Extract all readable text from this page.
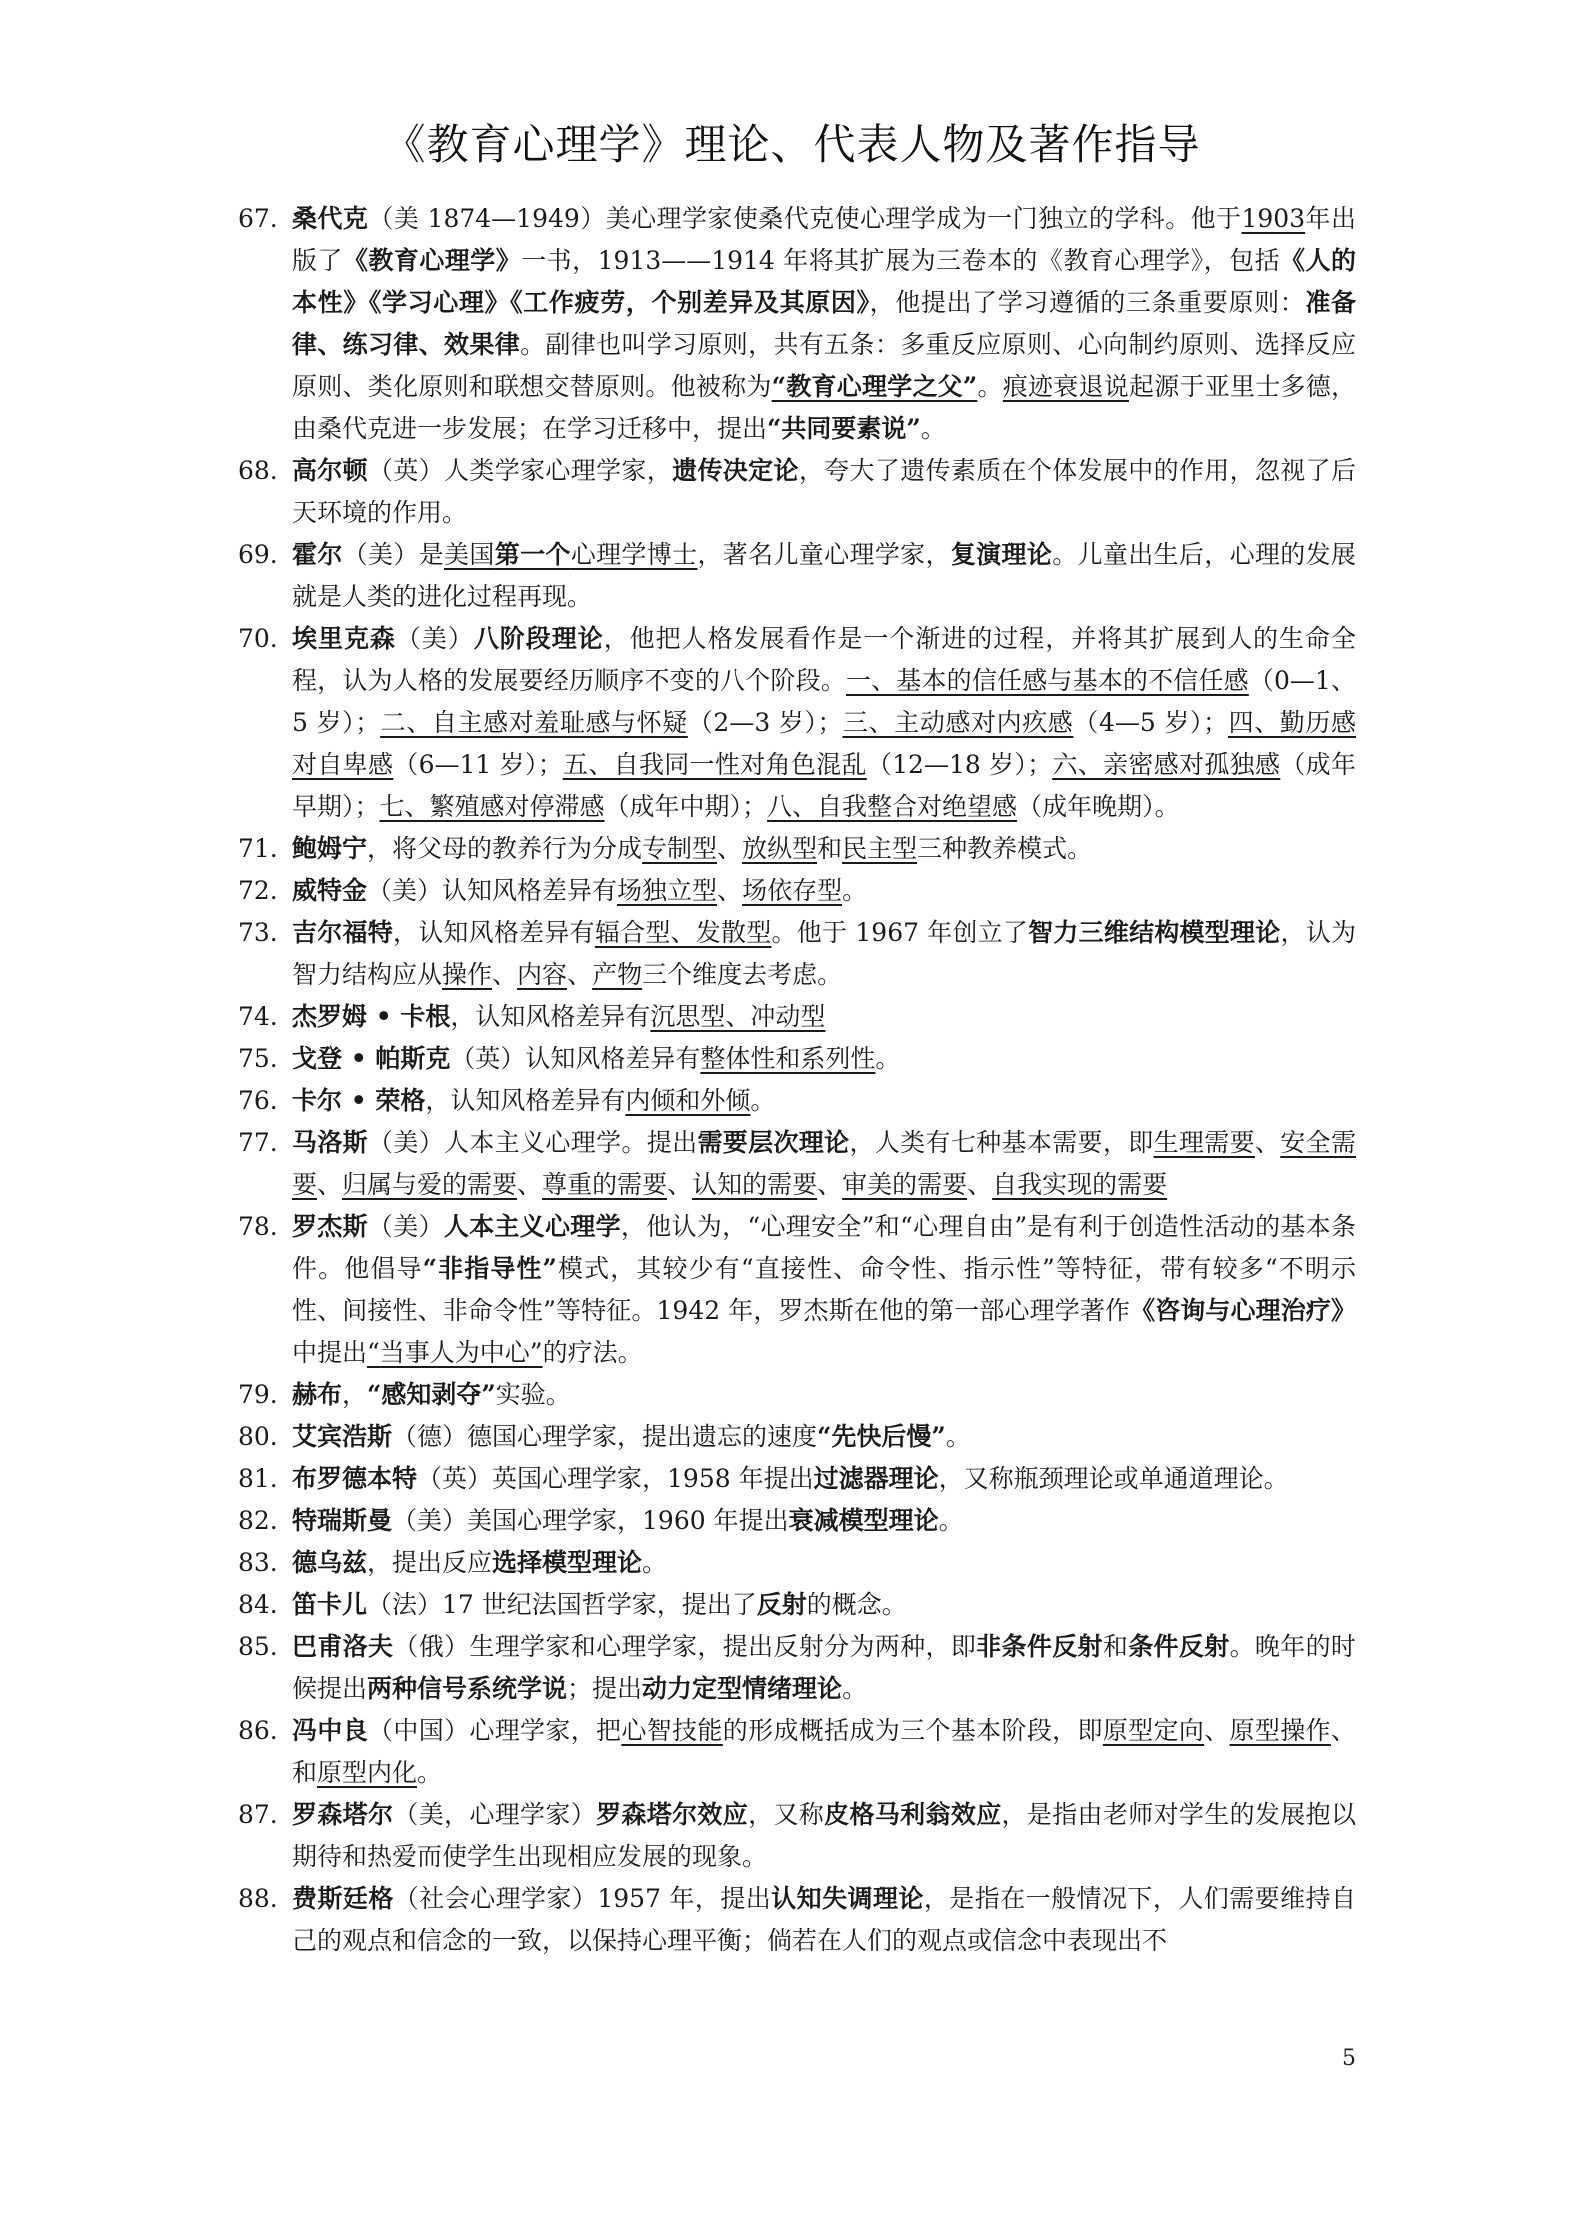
《教育心理学》理论、代表人物及著作指导
67. 桑代克（美 1874—1949）美心理学家使桑代克使心理学成为一门独立的学科。他于1903年出版了《教育心理学》一书，1913——1914 年将其扩展为三卷本的《教育心理学》，包括《人的本性》《学习心理》《工作疲劳，个别差异及其原因》，他提出了学习遵循的三条重要原则：准备律、练习律、效果律。副律也叫学习原则，共有五条：多重反应原则、心向制约原则、选择反应原则、类化原则和联想交替原则。他被称为“教育心理学之父”。痕迹衰退说起源于亚里士多德，由桑代克进一步发展；在学习迁移中，提出“共同要素说”。
68. 高尔顿（英）人类学家心理学家，遗传决定论，夸大了遗传素质在个体发展中的作用，忽视了后天环境的作用。
69. 霍尔（美）是美国第一个心理学博士，著名儿童心理学家，复演理论。儿童出生后，心理的发展就是人类的进化过程再现。
70. 埃里克森（美）八阶段理论，他把人格发展看作是一个渐进的过程，并将其扩展到人的生命全程，认为人格的发展要经历顺序不变的八个阶段。一、基本的信任感与基本的不信任感（0—1、5 岁）；二、自主感对羞耻感与怀疑（2—3 岁）；三、主动感对内疚感（4—5 岁）；四、勤历感对自卑感（6—11 岁）；五、自我同一性对角色混乱（12—18 岁）；六、亲密感对孤独感（成年早期）；七、繁殖感对停滞感（成年中期）；八、自我整合对绝望感（成年晚期）。
71. 鲍姆宁，将父母的教养行为分成专制型、放纵型和民主型三种教养模式。
72. 威特金（美）认知风格差异有场独立型、场依存型。
73. 吉尔福特，认知风格差异有辐合型、发散型。他于 1967 年创立了智力三维结构模型理论，认为智力结构应从操作、内容、产物三个维度去考虑。
74. 杰罗姆 • 卡根，认知风格差异有沉思型、冲动型
75. 戈登 • 帕斯克（英）认知风格差异有整体性和系列性。
76. 卡尔 • 荣格，认知风格差异有内倾和外倾。
77. 马洛斯（美）人本主义心理学。提出需要层次理论，人类有七种基本需要，即生理需要、安全需要、归属与爱的需要、尊重的需要、认知的需要、审美的需要、自我实现的需要
78. 罗杰斯（美）人本主义心理学，他认为，“心理安全”和“心理自由”是有利于创造性活动的基本条件。他倡导“非指导性”模式，其较少有“直接性、命令性、指示性”等特征，带有较多“不明示性、间接性、非命令性”等特征。1942 年，罗杰斯在他的第一部心理学著作《咨询与心理治疗》中提出“当事人为中心”的疗法。
79. 赫布，“感知剥夺”实验。
80. 艾宾浩斯（德）德国心理学家，提出遗忘的速度“先快后慢”。
81. 布罗德本特（英）英国心理学家，1958 年提出过滤器理论，又称瓶颈理论或单通道理论。
82. 特瑞斯曼（美）美国心理学家，1960 年提出衰减模型理论。
83. 德乌兹，提出反应选择模型理论。
84. 笛卡儿（法）17 世纪法国哲学家，提出了反射的概念。
85. 巴甫洛夫（俄）生理学家和心理学家，提出反射分为两种，即非条件反射和条件反射。晚年的时候提出两种信号系统学说；提出动力定型情绪理论。
86. 冯中良（中国）心理学家，把心智技能的形成概括成为三个基本阶段，即原型定向、原型操作、和原型内化。
87. 罗森塔尔（美，心理学家）罗森塔尔效应，又称皮格马利翁效应，是指由老师对学生的发展抱以期待和热爱而使学生出现相应发展的现象。
88. 费斯廷格（社会心理学家）1957 年，提出认知失调理论，是指在一般情况下，人们需要维持自己的观点和信念的一致，以保持心理平衡；倘若在人们的观点或信念中表现出不
5
